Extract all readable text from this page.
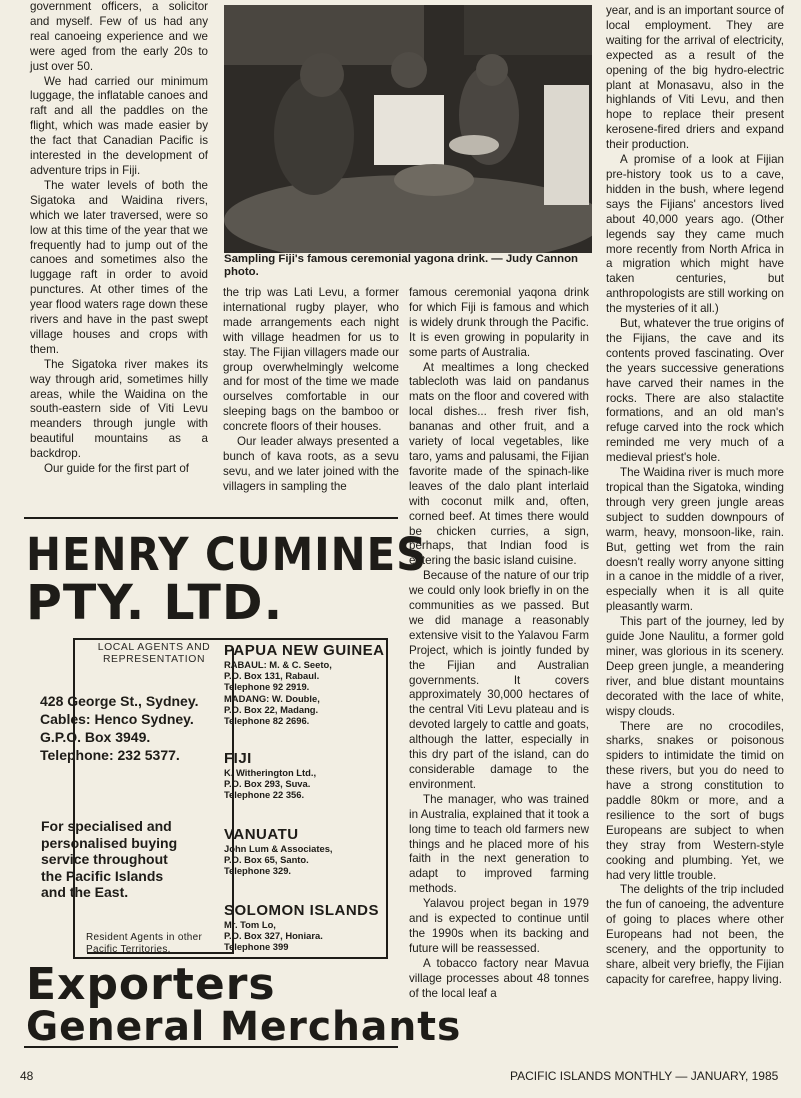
government officers, a solicitor and myself. Few of us had any real canoeing experience and we were aged from the early 20s to just over 50.

We had carried our minimum luggage, the inflatable canoes and raft and all the paddles on the flight, which was made easier by the fact that Canadian Pacific is interested in the development of adventure trips in Fiji.

The water levels of both the Sigatoka and Waidina rivers, which we later traversed, were so low at this time of the year that we frequently had to jump out of the canoes and sometimes also the luggage raft in order to avoid punctures. At other times of the year flood waters rage down these rivers and have in the past swept village houses and crops with them.

The Sigatoka river makes its way through arid, sometimes hilly areas, while the Waidina on the south-eastern side of Viti Levu meanders through jungle with beautiful mountains as a backdrop.

Our guide for the first part of

Sampling Fiji's famous ceremonial yagona drink. — Judy Cannon photo.

the trip was Lati Levu, a former international rugby player, who made arrangements each night with village headmen for us to stay. The Fijian villagers made our group overwhelmingly welcome and for most of the time we made ourselves comfortable in our sleeping bags on the bamboo or concrete floors of their houses.

Our leader always presented a bunch of kava roots, as a sevu sevu, and we later joined with the villagers in sampling the

famous ceremonial yaqona drink for which Fiji is famous and which is widely drunk through the Pacific. It is even growing in popularity in some parts of Australia.

At mealtimes a long checked tablecloth was laid on pandanus mats on the floor and covered with local dishes... fresh river fish, bananas and other fruit, and a variety of local vegetables, like taro, yams and palusami, the Fijian favorite made of the spinach-like leaves of the dalo plant interlaid with coconut milk and, often, corned beef. At times there would be chicken curries, a sign, perhaps, that Indian food is entering the basic island cuisine.

Because of the nature of our trip we could only look briefly in on the communities as we passed. But we did manage a reasonably extensive visit to the Yalavou Farm Project, which is jointly funded by the Fijian and Australian governments. It covers approximately 30,000 hectares of the central Viti Levu plateau and is devoted largely to cattle and goats, although the latter, especially in this dry part of the island, can do considerable damage to the environment.

The manager, who was trained in Australia, explained that it took a long time to teach old farmers new things and he placed more of his faith in the next generation to adapt to improved farming methods.

Yalavou project began in 1979 and is expected to continue until the 1990s when its backing and future will be reassessed.

A tobacco factory near Mavua village processes about 48 tonnes of the local leaf a

year, and is an important source of local employment. They are waiting for the arrival of electricity, expected as a result of the opening of the big hydro-electric plant at Monasavu, also in the highlands of Viti Levu, and then hope to replace their present kerosene-fired driers and expand their production.

A promise of a look at Fijian pre-history took us to a cave, hidden in the bush, where legend says the Fijians' ancestors lived about 40,000 years ago. (Other legends say they came much more recently from North Africa in a migration which might have taken centuries, but anthropologists are still working on the mysteries of it all.)

But, whatever the true origins of the Fijians, the cave and its contents proved fascinating. Over the years successive generations have carved their names in the rocks. There are also stalactite formations, and an old man's refuge carved into the rock which reminded me very much of a medieval priest's hole.

The Waidina river is much more tropical than the Sigatoka, winding through very green jungle areas subject to sudden downpours of warm, heavy, monsoon-like, rain. But, getting wet from the rain doesn't really worry anyone sitting in a canoe in the middle of a river, especially when it is all quite pleasantly warm.

This part of the journey, led by guide Jone Naulitu, a former gold miner, was glorious in its scenery. Deep green jungle, a meandering river, and blue distant mountains decorated with the lace of white, wispy clouds.

There are no crocodiles, sharks, snakes or poisonous spiders to intimidate the timid on these rivers, but you do need to have a strong constitution to paddle 80km or more, and a resilience to the sort of bugs Europeans are subject to when they stray from Western-style cooking and plumbing. Yet, we had very little trouble.

The delights of the trip included the fun of canoeing, the adventure of going to places where other Europeans had not been, the scenery, and the opportunity to share, albeit very briefly, the Fijian capacity for carefree, happy living.

HENRY CUMINES
PTY. LTD.
LOCAL AGENTS AND REPRESENTATION
428 George St., Sydney.
Cables: Henco Sydney.
G.P.O. Box 3949.
Telephone: 232 5377.
For specialised and
personalised buying
service throughout
the Pacific Islands
and the East.
PAPUA NEW GUINEA
RABAUL: M. & C. Seeto,
P.O. Box 131, Rabaul.
Telephone 92 2919.
MADANG: W. Double,
P.O. Box 22, Madang.
Telephone 82 2696.
FIJI
K. Witherington Ltd.,
P.O. Box 293, Suva.
Telephone 22 356.
VANUATU
John Lum & Associates,
P.O. Box 65, Santo.
Telephone 329.
SOLOMON ISLANDS
Mr. Tom Lo,
P.O. Box 327, Honiara.
Telephone 399
Resident Agents in other Pacific Territories.
Exporters
General Merchants
48	PACIFIC ISLANDS MONTHLY — JANUARY, 1985
